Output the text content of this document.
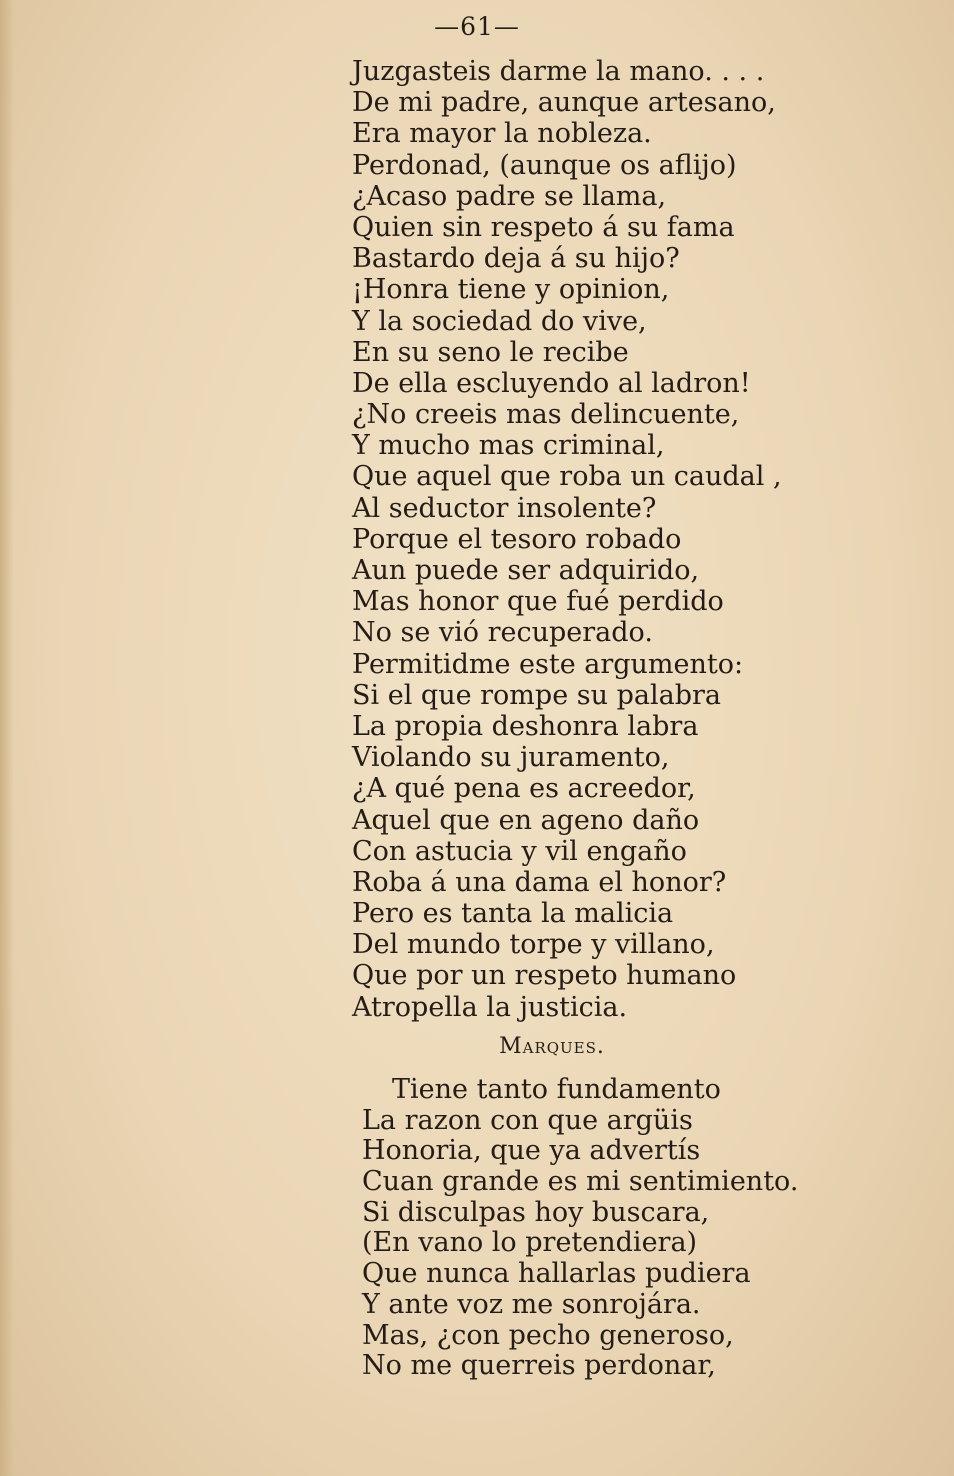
—61—
Juzgasteis darme la mano. . . .
De mi padre, aunque artesano,
Era mayor la nobleza.
Perdonad, (aunque os aflijo)
¿Acaso padre se llama,
Quien sin respeto á su fama
Bastardo deja á su hijo?
¡Honra tiene y opinion,
Y la sociedad do vive,
En su seno le recibe
De ella escluyendo al ladron!
¿No creeis mas delincuente,
Y mucho mas criminal,
Que aquel que roba un caudal ,
Al seductor insolente?
Porque el tesoro robado
Aun puede ser adquirido,
Mas honor que fué perdido
No se vió recuperado.
Permitidme este argumento:
Si el que rompe su palabra
La propia deshonra labra
Violando su juramento,
¿A qué pena es acreedor,
Aquel que en ageno daño
Con astucia y vil engaño
Roba á una dama el honor?
Pero es tanta la malicia
Del mundo torpe y villano,
Que por un respeto humano
Atropella la justicia.
Marques.
Tiene tanto fundamento
La razon con que argüis
Honoria, que ya advertís
Cuan grande es mi sentimiento.
Si disculpas hoy buscara,
(En vano lo pretendiera)
Que nunca hallarlas pudiera
Y ante voz me sonrojára.
Mas, ¿con pecho generoso,
No me querreis perdonar,
